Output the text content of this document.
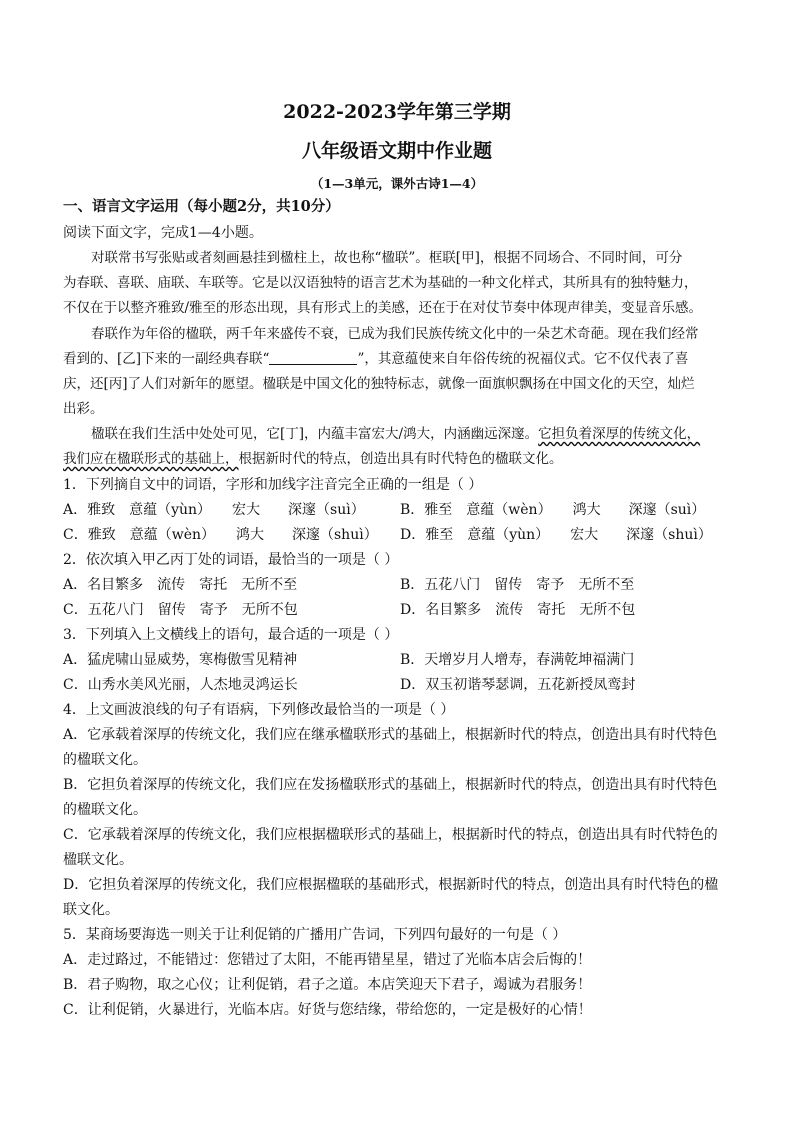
2022-2023学年第三学期
八年级语文期中作业题
（1—3单元，课外古诗1—4）
一、语言文字运用（每小题2分，共10分）
阅读下面文字，完成1—4小题。
对联常书写张贴或者刻画悬挂到楹柱上，故也称“楹联”。框联[甲]，根据不同场合、不同时间，可分
为春联、喜联、庙联、车联等。它是以汉语独特的语言艺术为基础的一种文化样式，其所具有的独特魅力，
不仅在于以整齐雅致/雅至的形态出现，具有形式上的美感，还在于在对仗节奏中体现声律美，变显音乐感。
春联作为年俗的楹联，两千年来盛传不衰，已成为我们民族传统文化中的一朵艺术奇葩。现在我们经常
看到的、[乙]下来的一副经典春联“	”，其意蕴使来自年俗传统的祝福仪式。它不仅代表了喜
庆，还[丙]了人们对新年的愿望。楹联是中国文化的独特标志，就像一面旗帜飘扬在中国文化的天空，灿烂
出彩。
楹联在我们生活中处处可见，它[丁]，内蕴丰富宏大/鸿大，内涵幽远深邃。它担负着深厚的传统文化，
我们应在楹联形式的基础上，根据新时代的特点，创造出具有时代特色的楹联文化。
1．下列摘自文中的词语，字形和加线字注音完全正确的一组是（ ）
A．雅致　意蕴（yùn）　　宏大　　深邃（suì）	B．雅至　意蕴（wèn）　　鸿大　　深邃（suì）
C．雅致　意蕴（wèn）　　鸿大　　深邃（shuì） D．雅至　意蕴（yùn）　　宏大　　深邃（shuì）
2．依次填入甲乙丙丁处的词语，最恰当的一项是（ ）
A．名目繁多　流传　寄托　无所不至	B．五花八门　留传　寄予　无所不至
C．五花八门　留传　寄予　无所不包	D．名目繁多　流传　寄托　无所不包
3．下列填入上文横线上的语句，最合适的一项是（ ）
A．猛虎啸山显威势，寒梅傲雪见精神	B．天增岁月人增寿，春满乾坤福满门
C．山秀水美风光丽，人杰地灵鸿运长	D．双玉初谐琴瑟调，五花新授凤鸾封
4．上文画波浪线的句子有语病，下列修改最恰当的一项是（ ）
A．它承载着深厚的传统文化，我们应在继承楹联形式的基础上，根据新时代的特点，创造出具有时代特色
的楹联文化。
B．它担负着深厚的传统文化，我们应在发扬楹联形式的基础上，根据新时代的特点，创造出具有时代特色
的楹联文化。
C．它承载着深厚的传统文化，我们应根据楹联形式的基础上，根据新时代的特点，创造出具有时代特色的
楹联文化。
D．它担负着深厚的传统文化，我们应根据楹联的基础形式，根据新时代的特点，创造出具有时代特色的楹
联文化。
5．某商场要海选一则关于让利促销的广播用广告词，下列四句最好的一句是（ ）
A．走过路过，不能错过：您错过了太阳，不能再错星星，错过了光临本店会后悔的！
B．君子购物，取之心仪；让利促销，君子之道。本店笑迎天下君子，竭诚为君服务！
C．让利促销，火暴进行，光临本店。好货与您结缘，带给您的，一定是极好的心情！
